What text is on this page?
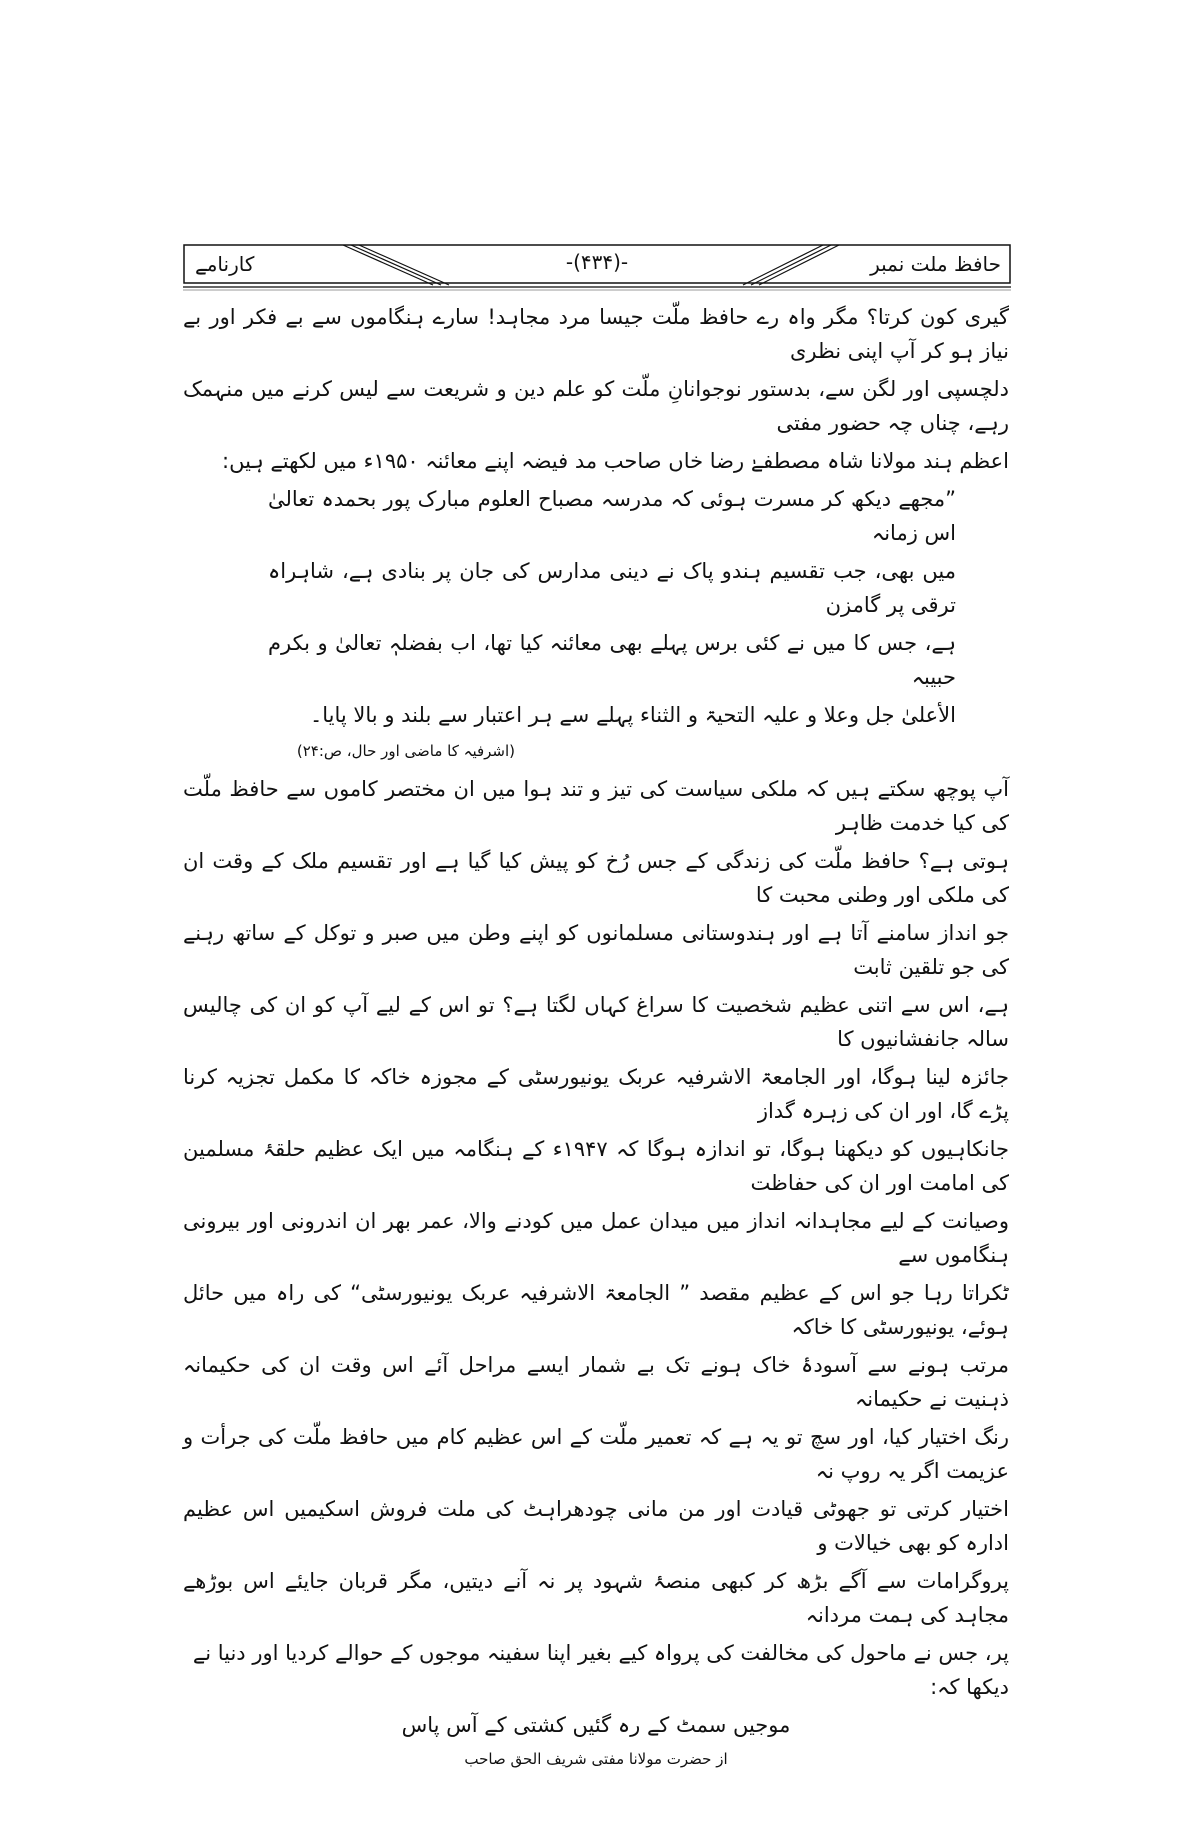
کارنامے	-(۴۳۴)-	حافظ ملت نمبر
گیری کون کرتا؟ مگر واہ رے حافظ ملّت جیسا مرد مجاہد! سارے ہنگاموں سے بے فکر اور بے نیاز ہو کر آپ اپنی نظری
دلچسپی اور لگن سے، بدستور نوجوانانِ ملّت کو علم دین و شریعت سے لیس کرنے میں منہمک رہے، چناں چہ حضور مفتی
اعظم ہند مولانا شاہ مصطفےٰ رضا خاں صاحب مد فیضہ اپنے معائنہ ۱۹۵۰ء میں لکھتے ہیں:
”مجھے دیکھ کر مسرت ہوئی کہ مدرسہ مصباح العلوم مبارک پور بحمدہ تعالیٰ اس زمانہ
میں بھی، جب تقسیم ہندو پاک نے دینی مدارس کی جان پر بنادی ہے، شاہراہ ترقی پر گامزن
ہے، جس کا میں نے کئی برس پہلے بھی معائنہ کیا تھا، اب بفضلہٖ تعالیٰ و بکرم حبیبہ
الأعلیٰ جل وعلا و علیہ التحیۃ و الثناء پہلے سے ہر اعتبار سے بلند و بالا پایا۔
(اشرفیہ کا ماضی اور حال، ص:۲۴)
آپ پوچھ سکتے ہیں کہ ملکی سیاست کی تیز و تند ہوا میں ان مختصر کاموں سے حافظ ملّت کی کیا خدمت ظاہر
ہوتی ہے؟ حافظ ملّت کی زندگی کے جس رُخ کو پیش کیا گیا ہے اور تقسیم ملک کے وقت ان کی ملکی اور وطنی محبت کا
جو انداز سامنے آتا ہے اور ہندوستانی مسلمانوں کو اپنے وطن میں صبر و توکل کے ساتھ رہنے کی جو تلقین ثابت
ہے، اس سے اتنی عظیم شخصیت کا سراغ کہاں لگتا ہے؟ تو اس کے لیے آپ کو ان کی چالیس سالہ جانفشانیوں کا
جائزہ لینا ہوگا، اور الجامعۃ الاشرفیہ عربک یونیورسٹی کے مجوزہ خاکہ کا مکمل تجزیہ کرنا پڑے گا، اور ان کی زہرہ گداز
جانکاہیوں کو دیکھنا ہوگا، تو اندازہ ہوگا کہ ۱۹۴۷ء کے ہنگامہ میں ایک عظیم حلقۂ مسلمین کی امامت اور ان کی حفاظت
وصیانت کے لیے مجاہدانہ انداز میں میدان عمل میں کودنے والا، عمر بھر ان اندرونی اور بیرونی ہنگاموں سے
ٹکراتا رہا جو اس کے عظیم مقصد ” الجامعۃ الاشرفیہ عربک یونیورسٹی“ کی راہ میں حائل ہوئے، یونیورسٹی کا خاکہ
مرتب ہونے سے آسودۂ خاک ہونے تک بے شمار ایسے مراحل آئے اس وقت ان کی حکیمانہ ذہنیت نے حکیمانہ
رنگ اختیار کیا، اور سچ تو یہ ہے کہ تعمیر ملّت کے اس عظیم کام میں حافظ ملّت کی جرأت و عزیمت اگر یہ روپ نہ
اختیار کرتی تو جھوٹی قیادت اور من مانی چودھراہٹ کی ملت فروش اسکیمیں اس عظیم ادارہ کو بھی خیالات و
پروگرامات سے آگے بڑھ کر کبھی منصۂ شہود پر نہ آنے دیتیں، مگر قربان جایئے اس بوڑھے مجاہد کی ہمت مردانہ
پر، جس نے ماحول کی مخالفت کی پرواہ کیے بغیر اپنا سفینہ موجوں کے حوالے کردیا اور دنیا نے دیکھا کہ:
موجیں سمٹ کے رہ گئیں کشتی کے آس پاس
از حضرت مولانا مفتی شریف الحق صاحب
